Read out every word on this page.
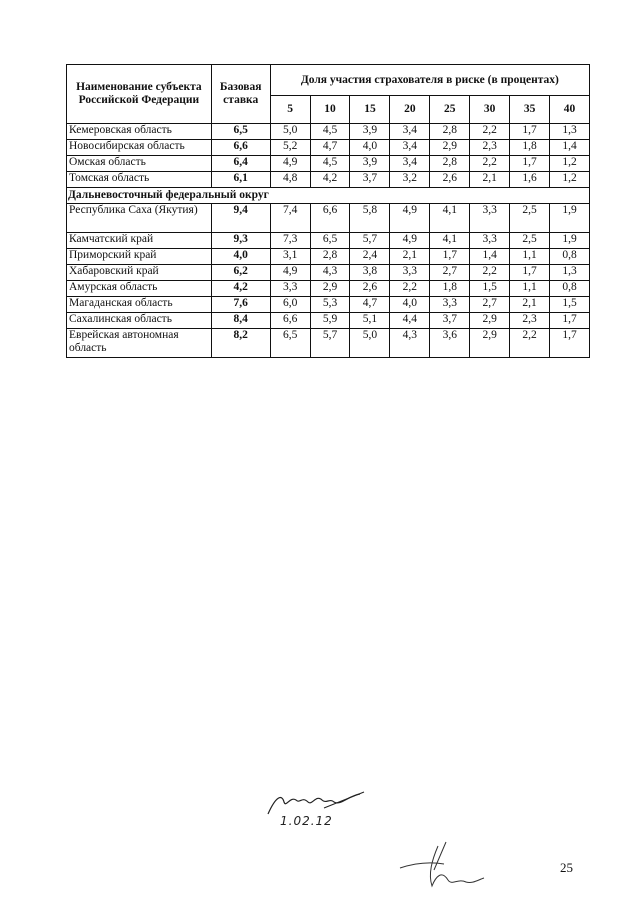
Наименование субъекта Российской Федерации	Базовая ставка	Доля участия страхователя в риске (в процентах)							
		5	10	15	20	25	30	35	40
Кемеровская область	6,5	5,0	4,5	3,9	3,4	2,8	2,2	1,7	1,3
Новосибирская область	6,6	5,2	4,7	4,0	3,4	2,9	2,3	1,8	1,4
Омская область	6,4	4,9	4,5	3,9	3,4	2,8	2,2	1,7	1,2
Томская область	6,1	4,8	4,2	3,7	3,2	2,6	2,1	1,6	1,2
Дальневосточный федеральный округ									
Республика Саха (Якутия)	9,4	7,4	6,6	5,8	4,9	4,1	3,3	2,5	1,9
Камчатский край	9,3	7,3	6,5	5,7	4,9	4,1	3,3	2,5	1,9
Приморский край	4,0	3,1	2,8	2,4	2,1	1,7	1,4	1,1	0,8
Хабаровский край	6,2	4,9	4,3	3,8	3,3	2,7	2,2	1,7	1,3
Амурская область	4,2	3,3	2,9	2,6	2,2	1,8	1,5	1,1	0,8
Магаданская область	7,6	6,0	5,3	4,7	4,0	3,3	2,7	2,1	1,5
Сахалинская область	8,4	6,6	5,9	5,1	4,4	3,7	2,9	2,3	1,7
Еврейская автономная область	8,2	6,5	5,7	5,0	4,3	3,6	2,9	2,2	1,7
1.02.12
25
